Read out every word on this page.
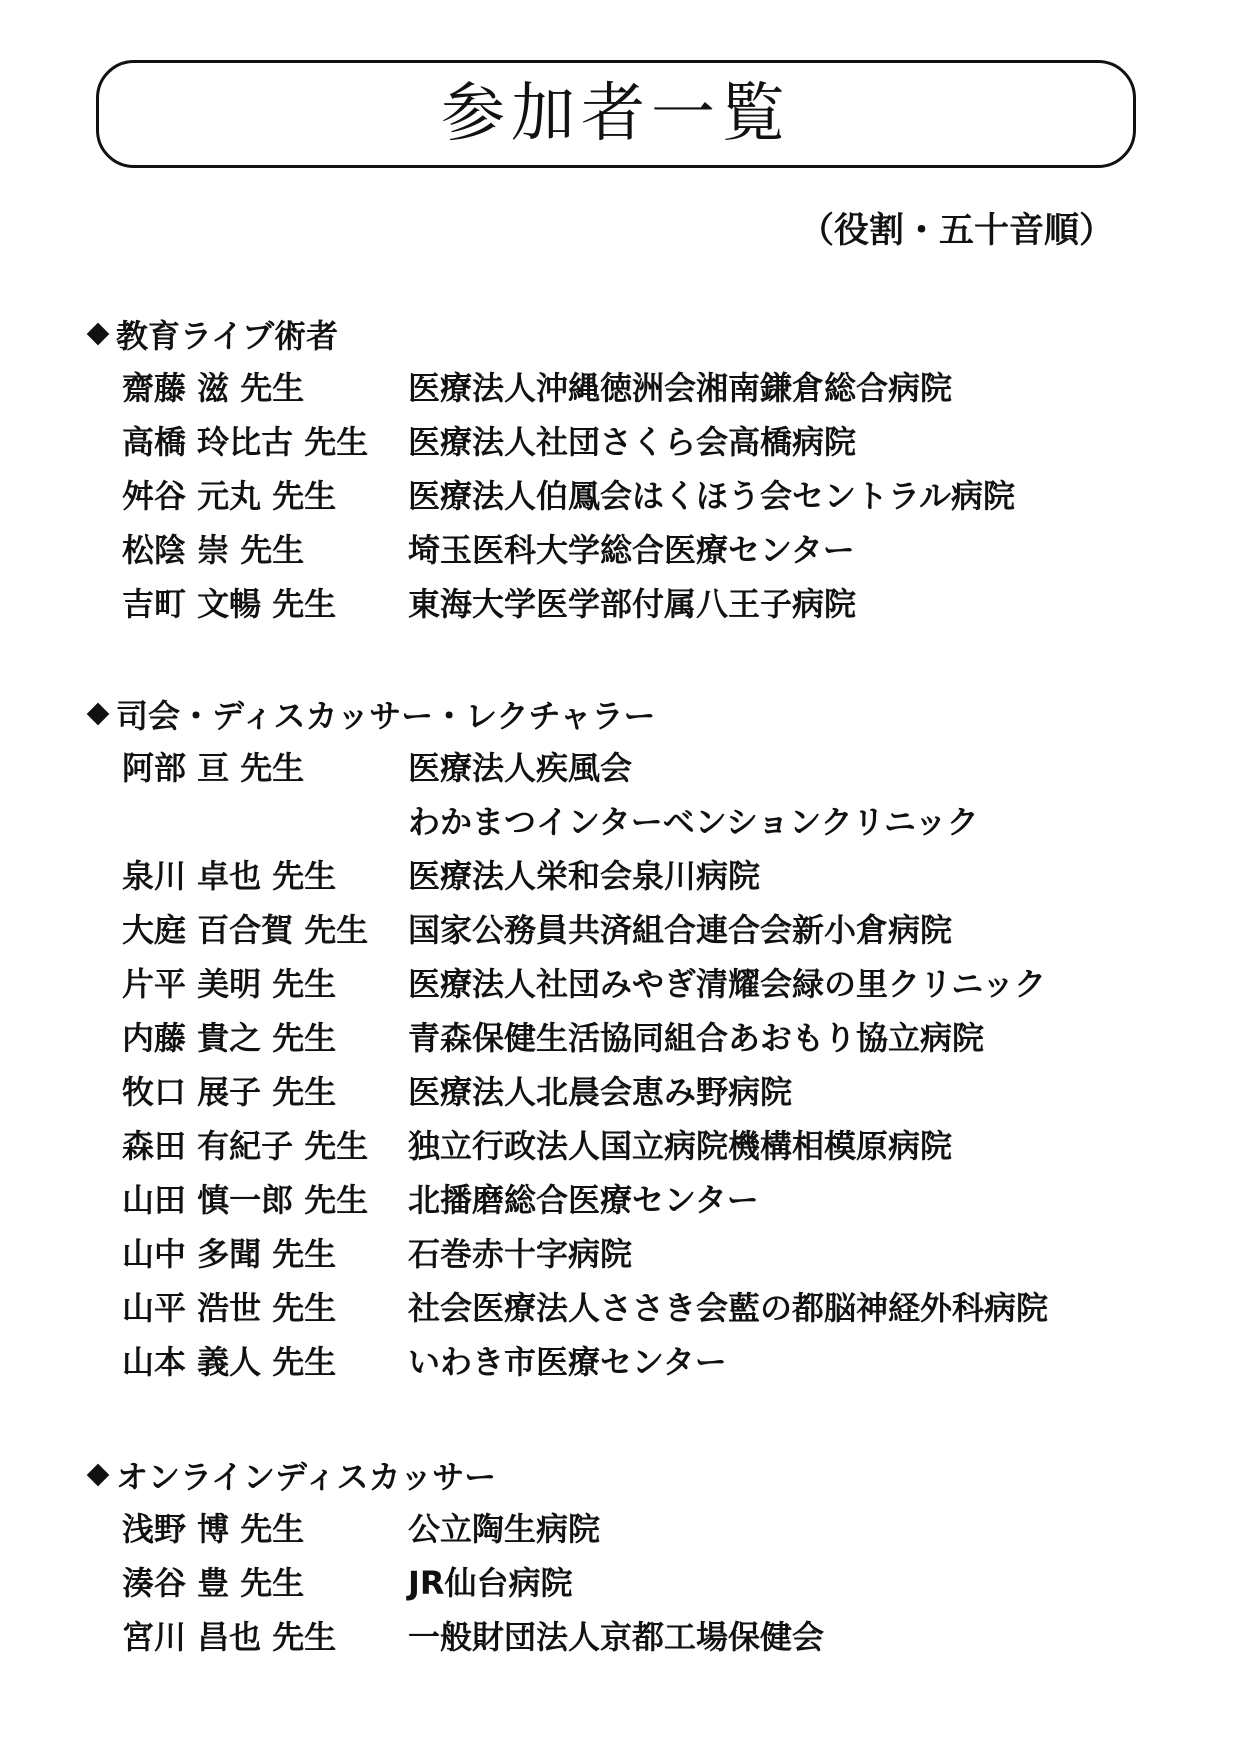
参加者一覧
（役割・五十音順）
教育ライブ術者
齋藤 滋 先生	医療法人沖縄徳洲会湘南鎌倉総合病院
高橋 玲比古 先生	医療法人社団さくら会高橋病院
舛谷 元丸 先生	医療法人伯鳳会はくほう会セントラル病院
松陰 崇 先生	埼玉医科大学総合医療センター
吉町 文暢 先生	東海大学医学部付属八王子病院
司会・ディスカッサー・レクチャラー
阿部 亘 先生	医療法人疾風会
わかまつインターベンションクリニック
泉川 卓也 先生	医療法人栄和会泉川病院
大庭 百合賀 先生	国家公務員共済組合連合会新小倉病院
片平 美明 先生	医療法人社団みやぎ清耀会緑の里クリニック
内藤 貴之 先生	青森保健生活協同組合あおもり協立病院
牧口 展子 先生	医療法人北晨会恵み野病院
森田 有紀子 先生	独立行政法人国立病院機構相模原病院
山田 慎一郎 先生	北播磨総合医療センター
山中 多聞 先生	石巻赤十字病院
山平 浩世 先生	社会医療法人ささき会藍の都脳神経外科病院
山本 義人 先生	いわき市医療センター
オンラインディスカッサー
浅野 博 先生	公立陶生病院
湊谷 豊 先生	JR仙台病院
宮川 昌也 先生	一般財団法人京都工場保健会
